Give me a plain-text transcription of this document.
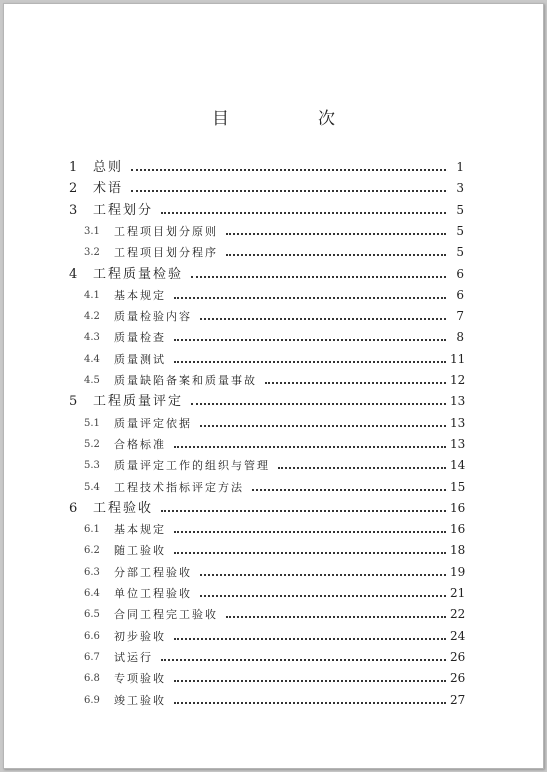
目　次
1	总则	1
2	术语	3
3	工程划分	5
3.1	工程项目划分原则	5
3.2	工程项目划分程序	5
4	工程质量检验	6
4.1	基本规定	6
4.2	质量检验内容	7
4.3	质量检查	8
4.4	质量测试	11
4.5	质量缺陷备案和质量事故	12
5	工程质量评定	13
5.1	质量评定依据	13
5.2	合格标准	13
5.3	质量评定工作的组织与管理	14
5.4	工程技术指标评定方法	15
6	工程验收	16
6.1	基本规定	16
6.2	随工验收	18
6.3	分部工程验收	19
6.4	单位工程验收	21
6.5	合同工程完工验收	22
6.6	初步验收	24
6.7	试运行	26
6.8	专项验收	26
6.9	竣工验收	27
